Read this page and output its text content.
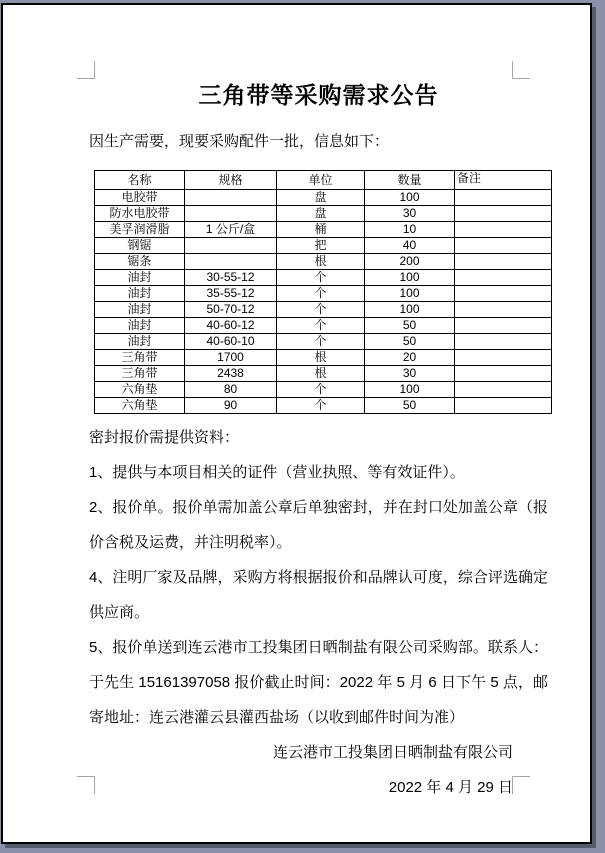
三角带等采购需求公告

因生产需要，现要采购配件一批，信息如下：

名称	规格	单位	数量	备注
电胶带		盘	100	
防水电胶带		盘	30	
美孚润滑脂	1 公斤/盒	桶	10	
钢锯		把	40	
锯条		根	200	
油封	30-55-12	个	100	
油封	35-55-12	个	100	
油封	50-70-12	个	100	
油封	40-60-12	个	50	
油封	40-60-10	个	50	
三角带	1700	根	20	
三角带	2438	根	30	
六角垫	80	个	100	
六角垫	90	个	50	

密封报价需提供资料：

1、提供与本项目相关的证件（营业执照、等有效证件）。

2、报价单。报价单需加盖公章后单独密封，并在封口处加盖公章（报价含税及运费，并注明税率）。

4、注明厂家及品牌，采购方将根据报价和品牌认可度，综合评选确定供应商。

5、报价单送到连云港市工投集团日晒制盐有限公司采购部。联系人：于先生 15161397058 报价截止时间：2022 年 5 月 6 日下午 5 点，邮寄地址：连云港灌云县灌西盐场（以收到邮件时间为准）

连云港市工投集团日晒制盐有限公司

2022 年 4 月 29 日
